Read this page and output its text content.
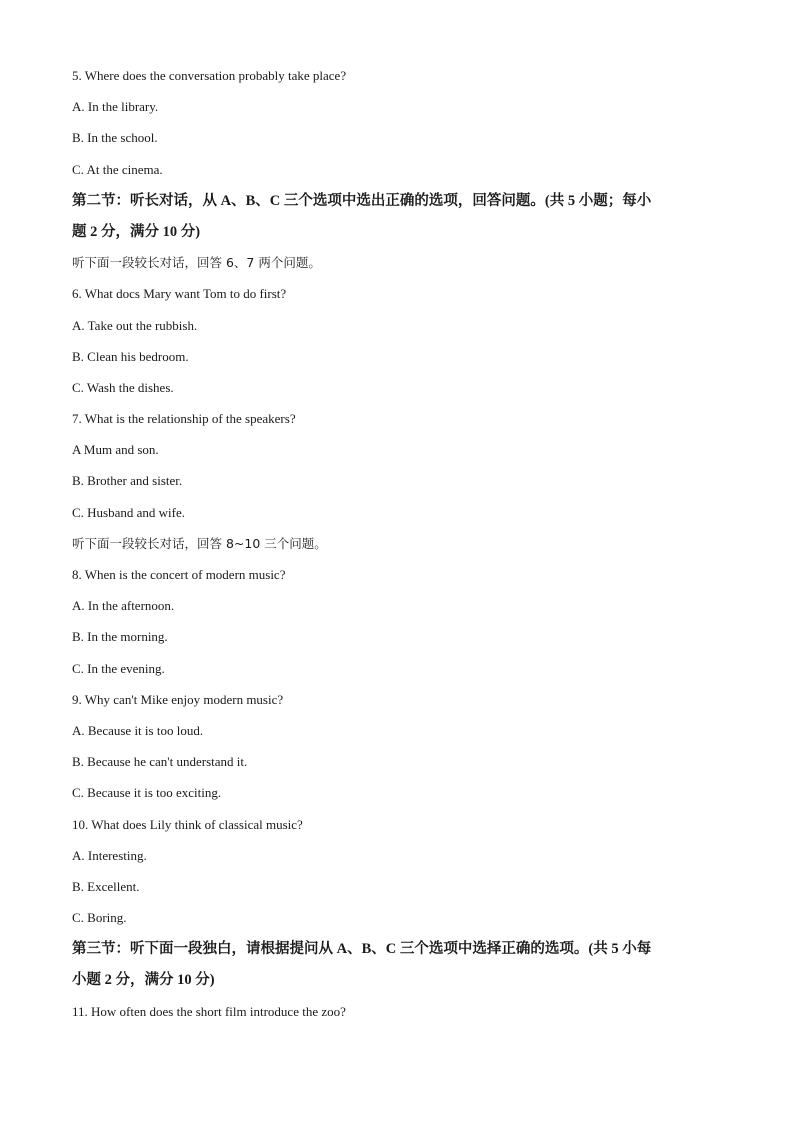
5. Where does the conversation probably take place?
A. In the library.
B. In the school.
C. At the cinema.
第二节：听长对话，从 A、B、C 三个选项中选出正确的选项，回答问题。(共 5 小题；每小
题 2 分，满分 10 分)
听下面一段较长对话，回答 6、7 两个问题。
6. What docs Mary want Tom to do first?
A. Take out the rubbish.
B. Clean his bedroom.
C. Wash the dishes.
7. What is the relationship of the speakers?
A Mum and son.
B. Brother and sister.
C. Husband and wife.
听下面一段较长对话，回答 8~10 三个问题。
8. When is the concert of modern music?
A. In the afternoon.
B. In the morning.
C. In the evening.
9. Why can't Mike enjoy modern music?
A. Because it is too loud.
B. Because he can't understand it.
C. Because it is too exciting.
10. What does Lily think of classical music?
A. Interesting.
B. Excellent.
C. Boring.
第三节：听下面一段独白，请根据提问从 A、B、C 三个选项中选择正确的选项。(共 5 小每
小题 2 分，满分 10 分)
11. How often does the short film introduce the zoo?
